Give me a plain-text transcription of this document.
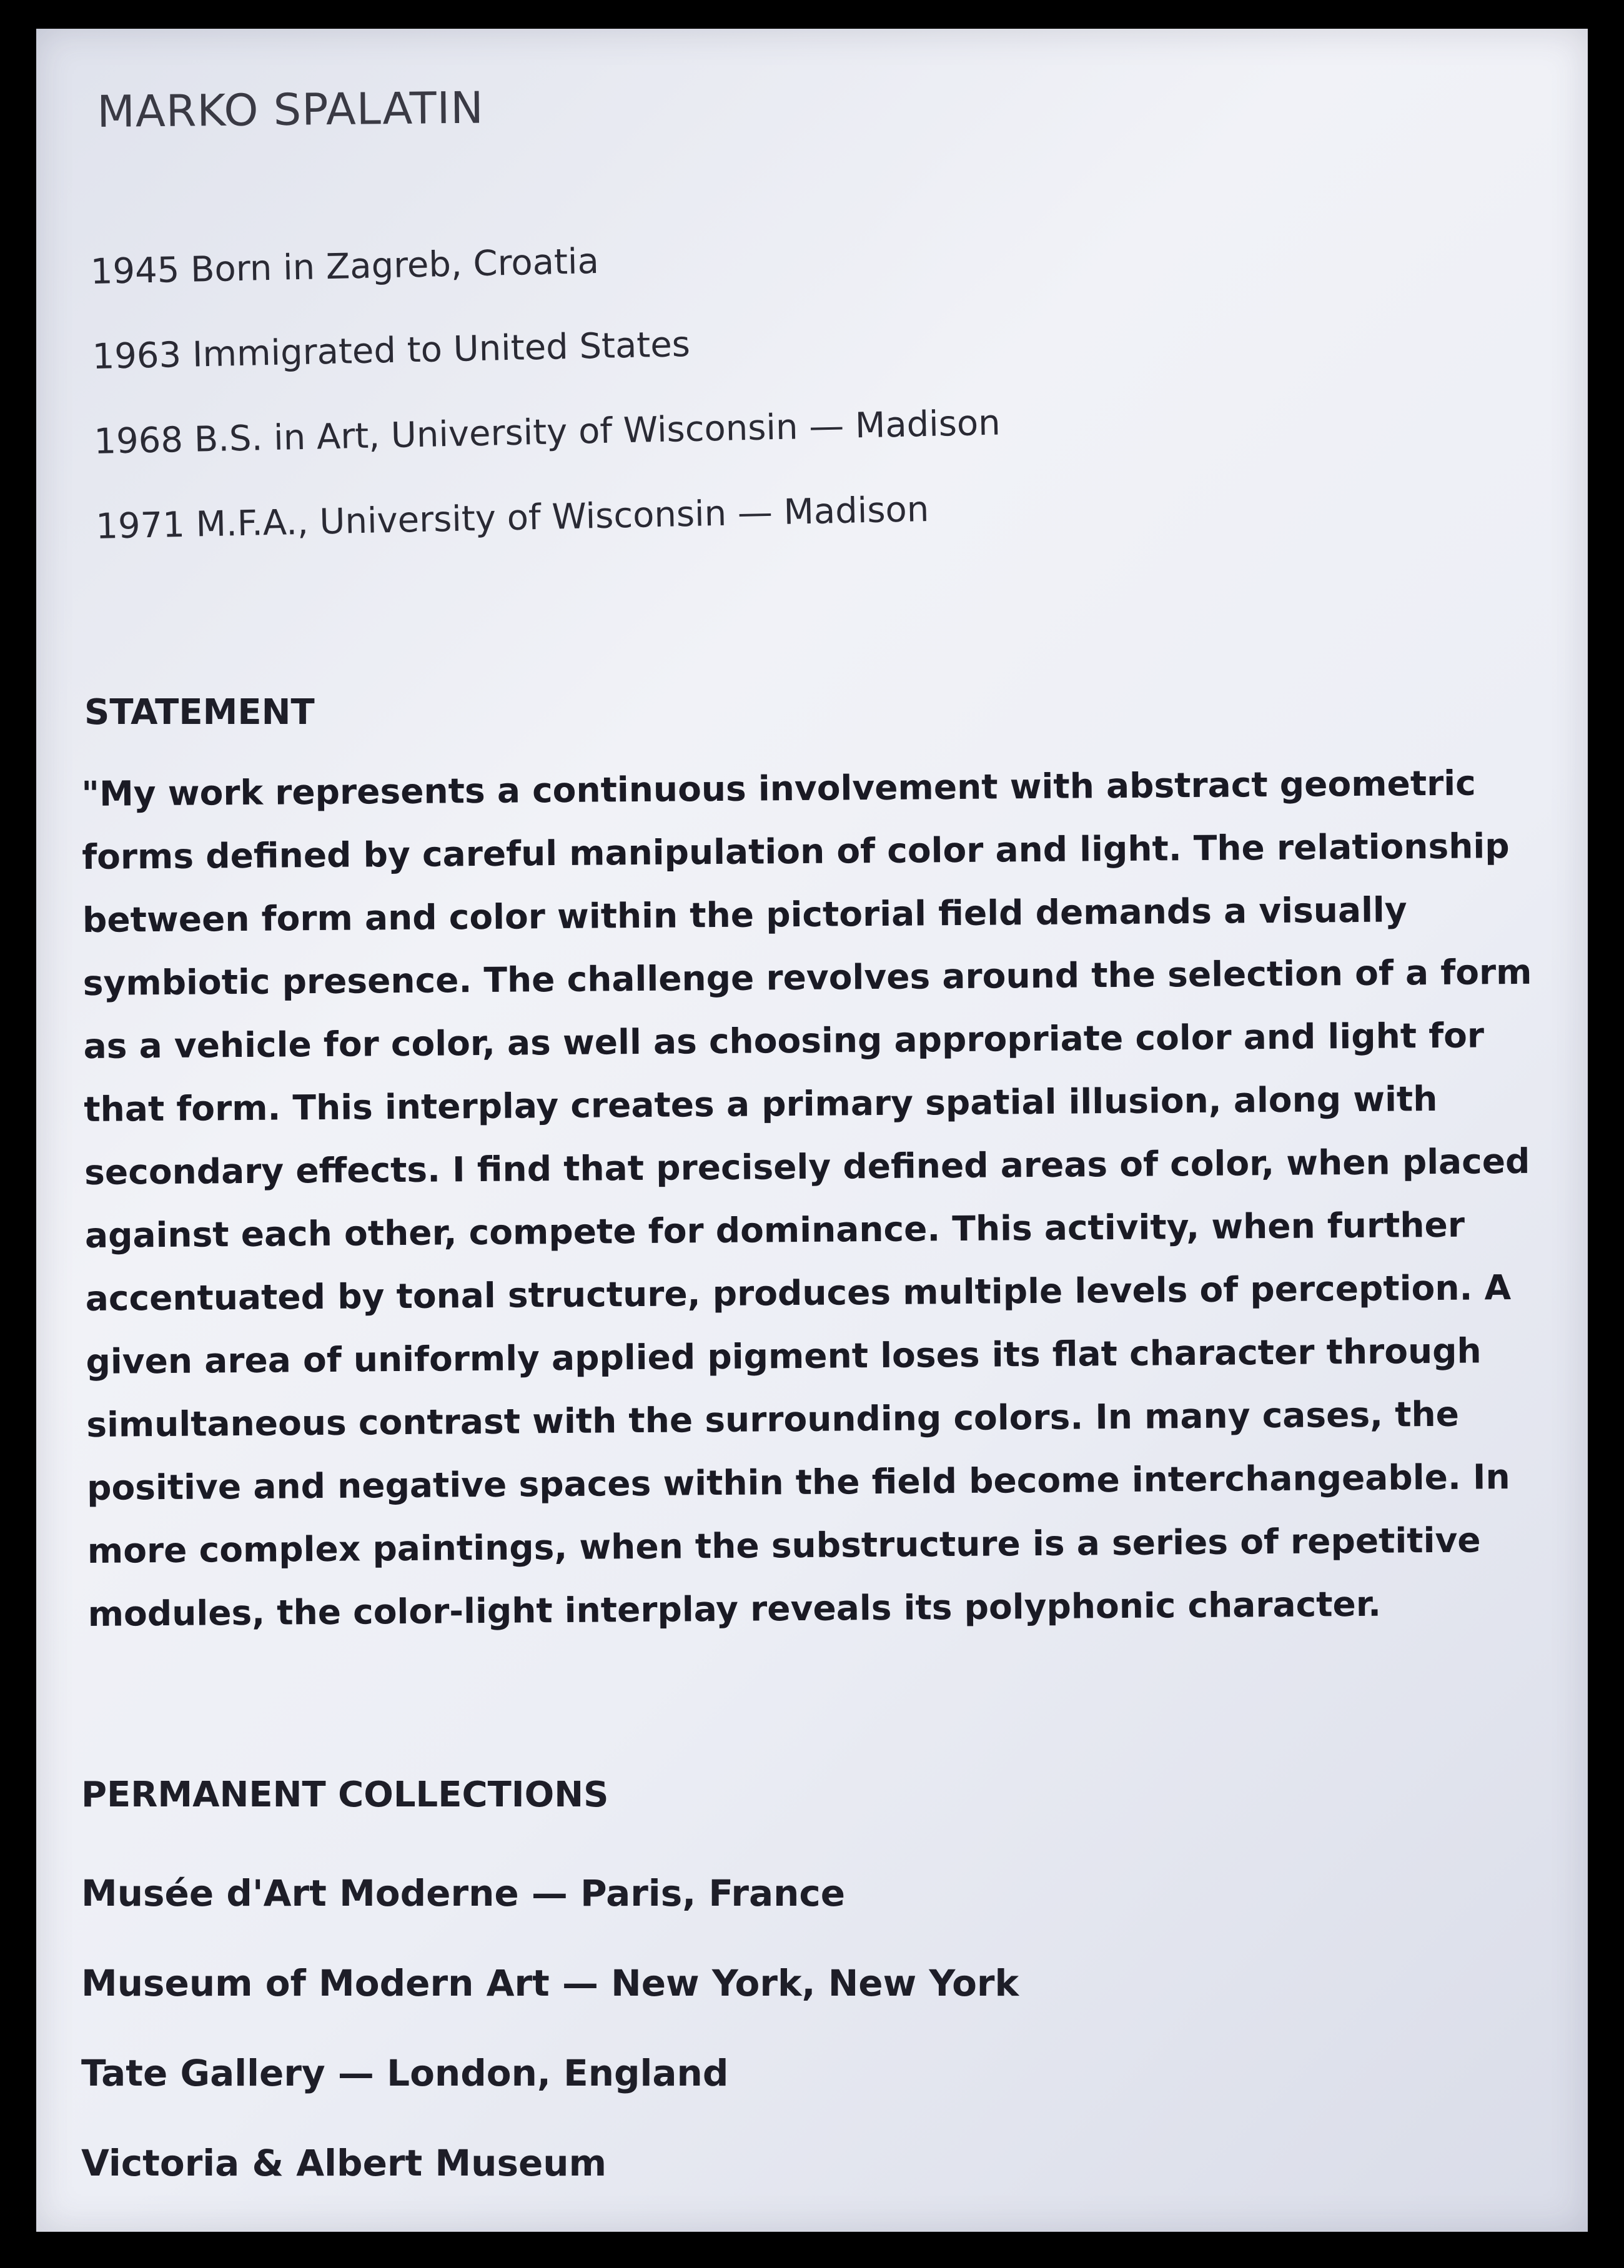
MARKO SPALATIN
1945 Born in Zagreb, Croatia
1963 Immigrated to United States
1968 B.S. in Art, University of Wisconsin — Madison
1971 M.F.A., University of Wisconsin — Madison
STATEMENT

"My work represents a continuous involvement with abstract geometric forms defined by careful manipulation of color and light. The relationship between form and color within the pictorial field demands a visually symbiotic presence. The challenge revolves around the selection of a form as a vehicle for color, as well as choosing appropriate color and light for that form. This interplay creates a primary spatial illusion, along with secondary effects. I find that precisely defined areas of color, when placed against each other, compete for dominance. This activity, when further accentuated by tonal structure, produces multiple levels of perception. A given area of uniformly applied pigment loses its flat character through simultaneous contrast with the surrounding colors. In many cases, the positive and negative spaces within the field become interchangeable. In more complex paintings, when the substructure is a series of repetitive modules, the color-light interplay reveals its polyphonic character.

PERMANENT COLLECTIONS
Musée d'Art Moderne — Paris, France
Museum of Modern Art — New York, New York
Tate Gallery — London, England
Victoria & Albert Museum
